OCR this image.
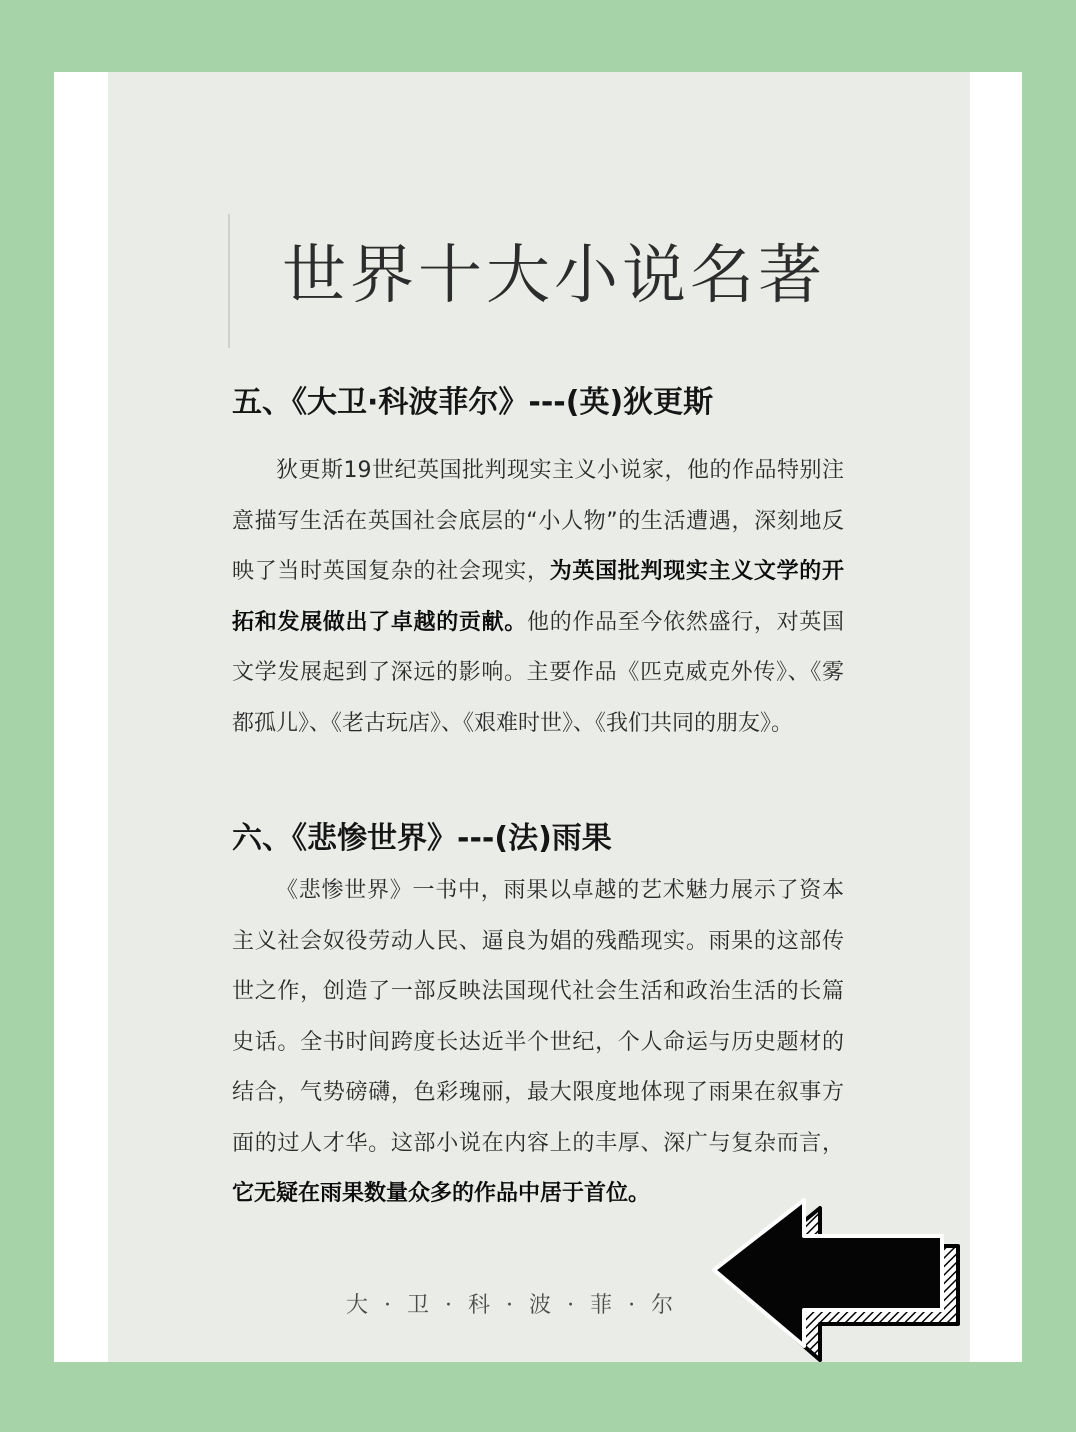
世界十大小说名著
五、《大卫·科波菲尔》---(英)狄更斯
狄更斯19世纪英国批判现实主义小说家，他的作品特别注意描写生活在英国社会底层的“小人物”的生活遭遇，深刻地反映了当时英国复杂的社会现实，为英国批判现实主义文学的开拓和发展做出了卓越的贡献。他的作品至今依然盛行，对英国文学发展起到了深远的影响。主要作品《匹克威克外传》、《雾都孤儿》、《老古玩店》、《艰难时世》、《我们共同的朋友》。
六、《悲惨世界》---(法)雨果
《悲惨世界》一书中，雨果以卓越的艺术魅力展示了资本主义社会奴役劳动人民、逼良为娼的残酷现实。雨果的这部传世之作，创造了一部反映法国现代社会生活和政治生活的长篇史话。全书时间跨度长达近半个世纪，个人命运与历史题材的结合，气势磅礴，色彩瑰丽，最大限度地体现了雨果在叙事方面的过人才华。这部小说在内容上的丰厚、深广与复杂而言，它无疑在雨果数量众多的作品中居于首位。
大 · 卫 · 科 · 波 · 菲 · 尔
